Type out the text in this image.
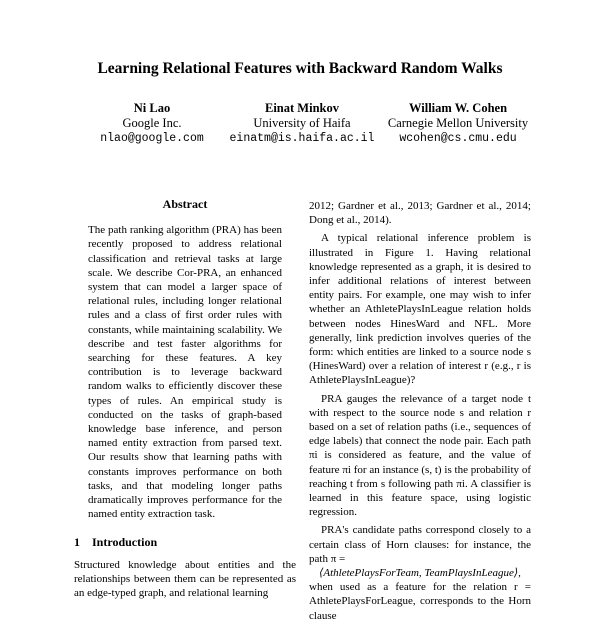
Learning Relational Features with Backward Random Walks
Ni Lao
Google Inc.
nlao@google.com
Einat Minkov
University of Haifa
einatm@is.haifa.ac.il
William W. Cohen
Carnegie Mellon University
wcohen@cs.cmu.edu
Abstract
The path ranking algorithm (PRA) has been recently proposed to address relational classification and retrieval tasks at large scale. We describe Cor-PRA, an enhanced system that can model a larger space of relational rules, including longer relational rules and a class of first order rules with constants, while maintaining scalability. We describe and test faster algorithms for searching for these features. A key contribution is to leverage backward random walks to efficiently discover these types of rules. An empirical study is conducted on the tasks of graph-based knowledge base inference, and person named entity extraction from parsed text. Our results show that learning paths with constants improves performance on both tasks, and that modeling longer paths dramatically improves performance for the named entity extraction task.
1 Introduction

Structured knowledge about entities and the relationships between them can be represented as an edge-typed graph, and relational learning

2012; Gardner et al., 2013; Gardner et al., 2014; Dong et al., 2014).

A typical relational inference problem is illustrated in Figure 1. Having relational knowledge represented as a graph, it is desired to infer additional relations of interest between entity pairs. For example, one may wish to infer whether an AthletePlaysInLeague relation holds between nodes HinesWard and NFL. More generally, link prediction involves queries of the form: which entities are linked to a source node s (HinesWard) over a relation of interest r (e.g., r is AthletePlaysInLeague)?

PRA gauges the relevance of a target node t with respect to the source node s and relation r based on a set of relation paths (i.e., sequences of edge labels) that connect the node pair. Each path πi is considered as feature, and the value of feature πi for an instance (s, t) is the probability of reaching t from s following path πi. A classifier is learned in this feature space, using logistic regression.

PRA's candidate paths correspond closely to a certain class of Horn clauses: for instance, the path π =

⟨AthletePlaysForTeam, TeamPlaysInLeague⟩,

when used as a feature for the relation r = AthletePlaysForLeague, corresponds to the Horn clause
